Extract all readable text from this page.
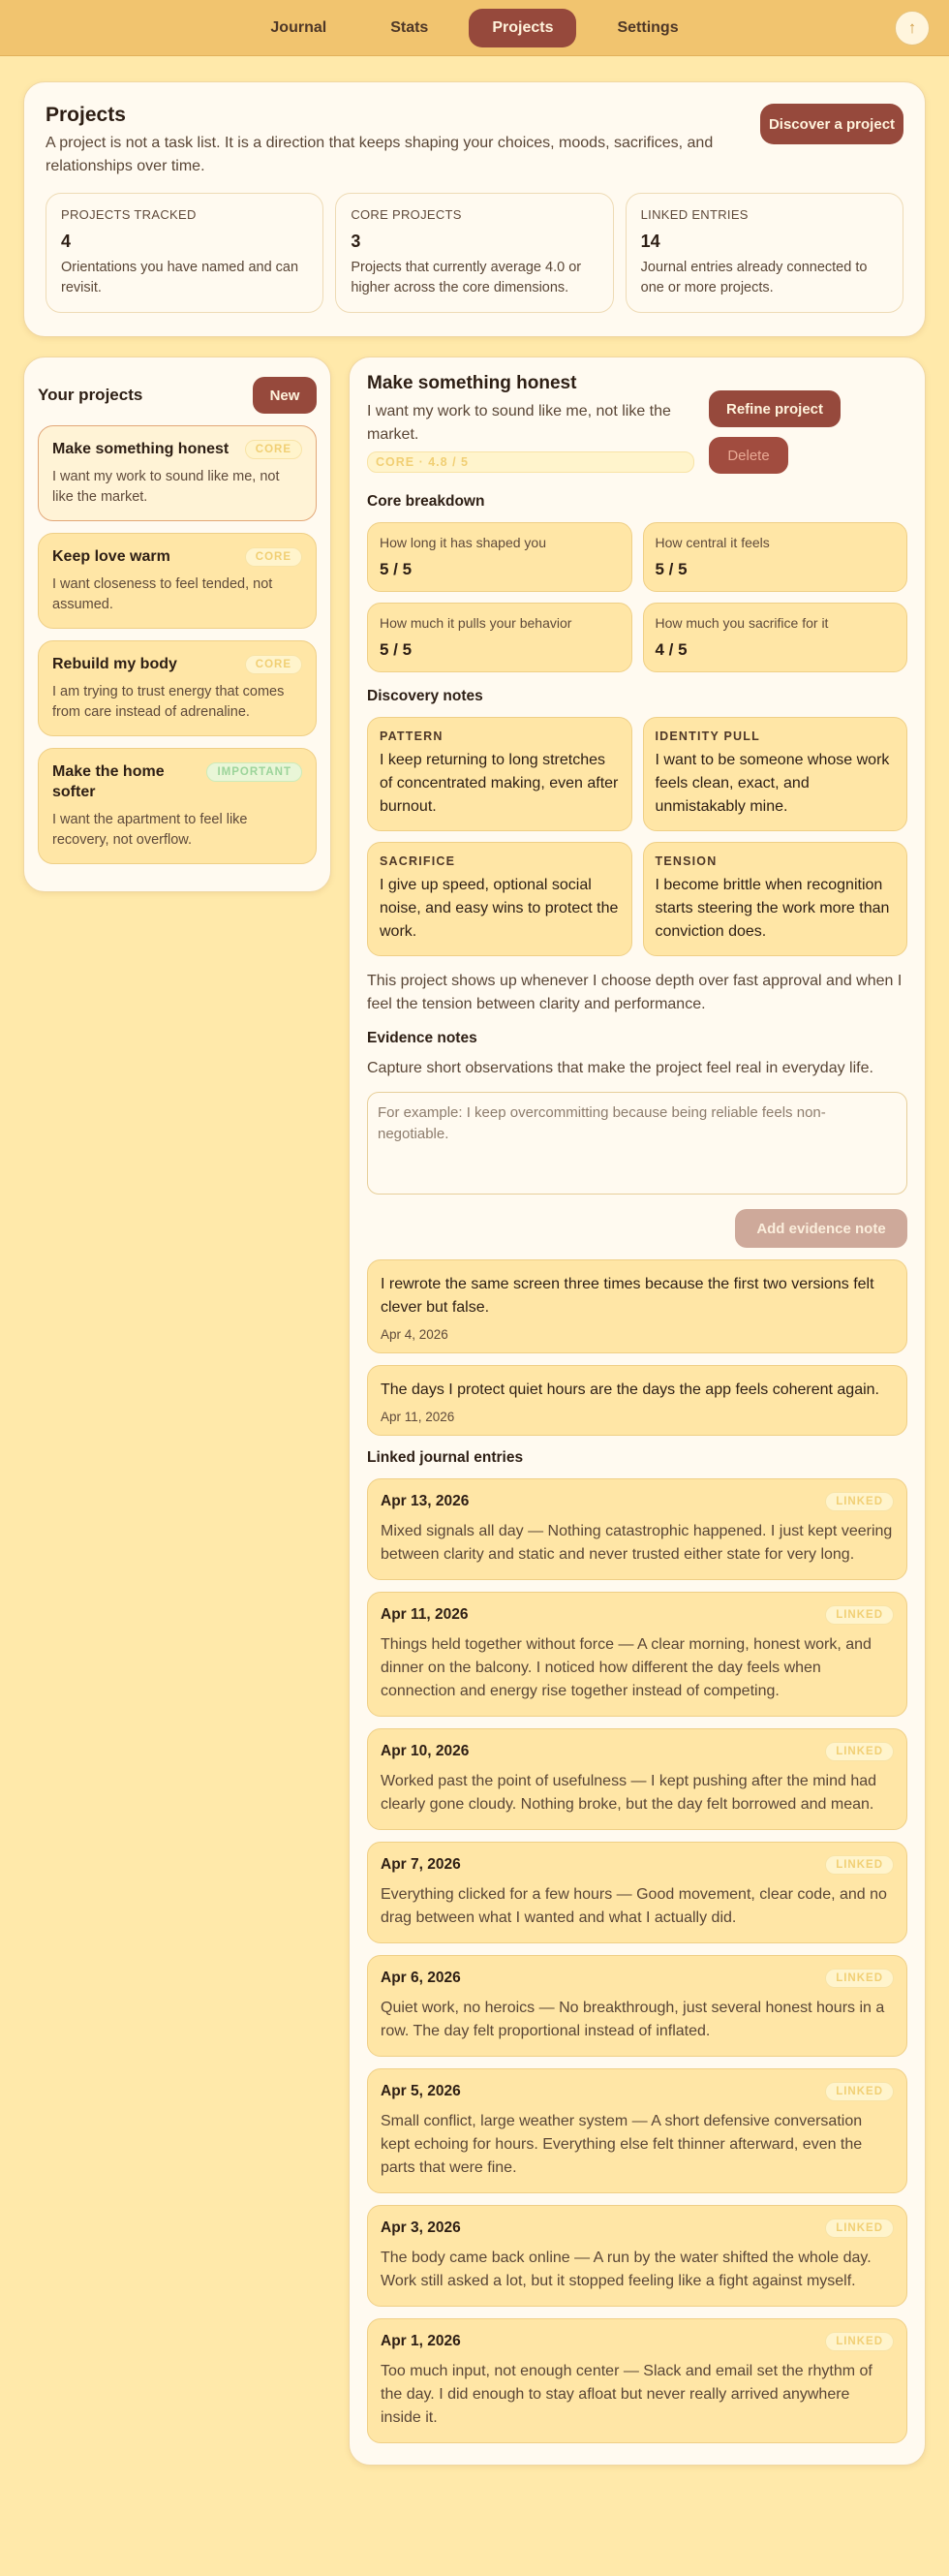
Journal	Stats	Projects	Settings	↑
Projects
A project is not a task list. It is a direction that keeps shaping your choices, moods, sacrifices, and relationships over time.
Discover a project
PROJECTS TRACKED
4
Orientations you have named and can revisit.
CORE PROJECTS
3
Projects that currently average 4.0 or higher across the core dimensions.
LINKED ENTRIES
14
Journal entries already connected to one or more projects.
Your projects	New
Make something honest	CORE
I want my work to sound like me, not like the market.
Keep love warm	CORE
I want closeness to feel tended, not assumed.
Rebuild my body	CORE
I am trying to trust energy that comes from care instead of adrenaline.
Make the home softer
IMPORTANT
I want the apartment to feel like recovery, not overflow.
Make something honest
I want my work to sound like me, not like the market.
CORE · 4.8 / 5
Refine project
Delete
Core breakdown
How long it has shaped you
5 / 5
How central it feels
5 / 5
How much it pulls your behavior
5 / 5
How much you sacrifice for it
4 / 5
Discovery notes
PATTERN
I keep returning to long stretches of concentrated making, even after burnout.
IDENTITY PULL
I want to be someone whose work feels clean, exact, and unmistakably mine.
SACRIFICE
I give up speed, optional social noise, and easy wins to protect the work.
TENSION
I become brittle when recognition starts steering the work more than conviction does.
This project shows up whenever I choose depth over fast approval and when I feel the tension between clarity and performance.
Evidence notes
Capture short observations that make the project feel real in everyday life.
For example: I keep overcommitting because being reliable feels non-negotiable.
Add evidence note
I rewrote the same screen three times because the first two versions felt clever but false.
Apr 4, 2026
The days I protect quiet hours are the days the app feels coherent again.
Apr 11, 2026
Linked journal entries
Apr 13, 2026	LINKED
Mixed signals all day — Nothing catastrophic happened. I just kept veering between clarity and static and never trusted either state for very long.
Apr 11, 2026	LINKED
Things held together without force — A clear morning, honest work, and dinner on the balcony. I noticed how different the day feels when connection and energy rise together instead of competing.
Apr 10, 2026	LINKED
Worked past the point of usefulness — I kept pushing after the mind had clearly gone cloudy. Nothing broke, but the day felt borrowed and mean.
Apr 7, 2026	LINKED
Everything clicked for a few hours — Good movement, clear code, and no drag between what I wanted and what I actually did.
Apr 6, 2026	LINKED
Quiet work, no heroics — No breakthrough, just several honest hours in a row. The day felt proportional instead of inflated.
Apr 5, 2026	LINKED
Small conflict, large weather system — A short defensive conversation kept echoing for hours. Everything else felt thinner afterward, even the parts that were fine.
Apr 3, 2026	LINKED
The body came back online — A run by the water shifted the whole day. Work still asked a lot, but it stopped feeling like a fight against myself.
Apr 1, 2026	LINKED
Too much input, not enough center — Slack and email set the rhythm of the day. I did enough to stay afloat but never really arrived anywhere inside it.
